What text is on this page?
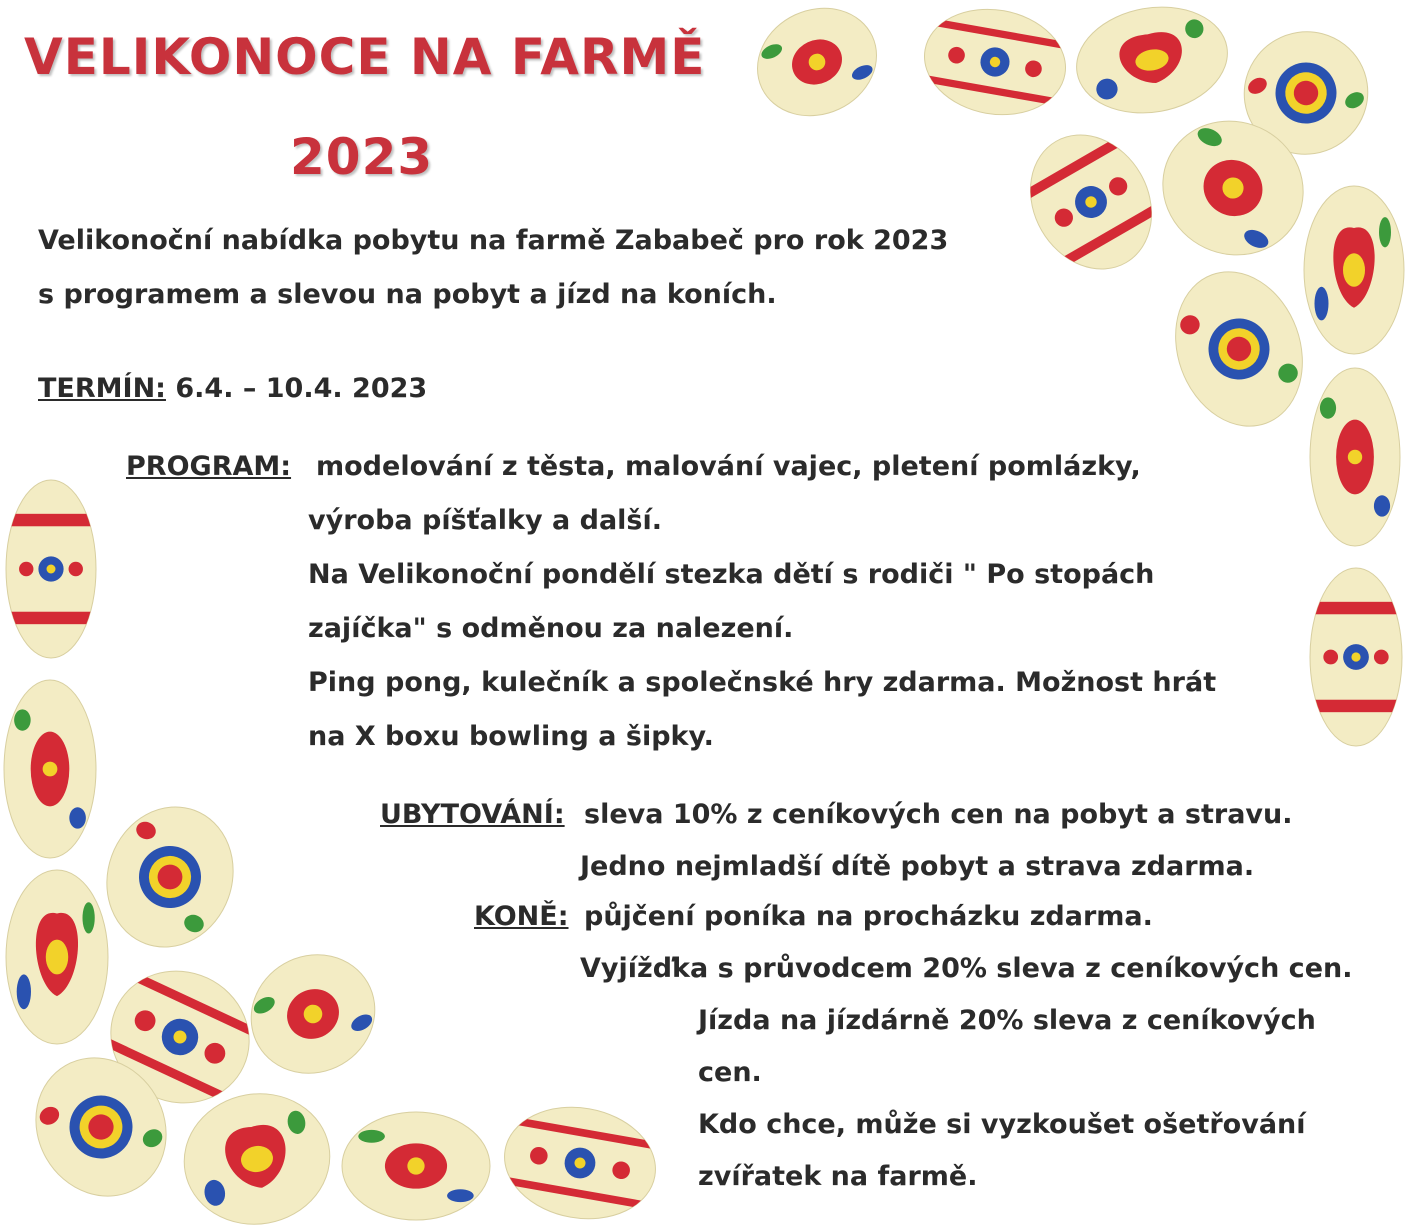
VELIKONOCE NA FARMĚ
2023

Velikonoční nabídka pobytu na farmě Zababeč pro rok 2023

s programem a slevou na pobyt a jízd na koních.

TERMÍN: 6.4. – 10.4. 2023

PROGRAM: modelování z těsta, malování vajec, pletení pomlázky,

výroba píšťalky a další.

Na Velikonoční pondělí stezka dětí s rodiči " Po stopách

zajíčka" s odměnou za nalezení.

Ping pong, kulečník a společnské hry zdarma. Možnost hrát

na X boxu bowling a šipky.

UBYTOVÁNÍ: sleva 10% z ceníkových cen na pobyt a stravu.

Jedno nejmladší dítě pobyt a strava zdarma.

KONĚ: půjčení poníka na procházku zdarma.

Vyjížďka s průvodcem 20% sleva z ceníkových cen.

Jízda na jízdárně 20% sleva z ceníkových

cen.

Kdo chce, může si vyzkoušet ošetřování

zvířatek na farmě.
